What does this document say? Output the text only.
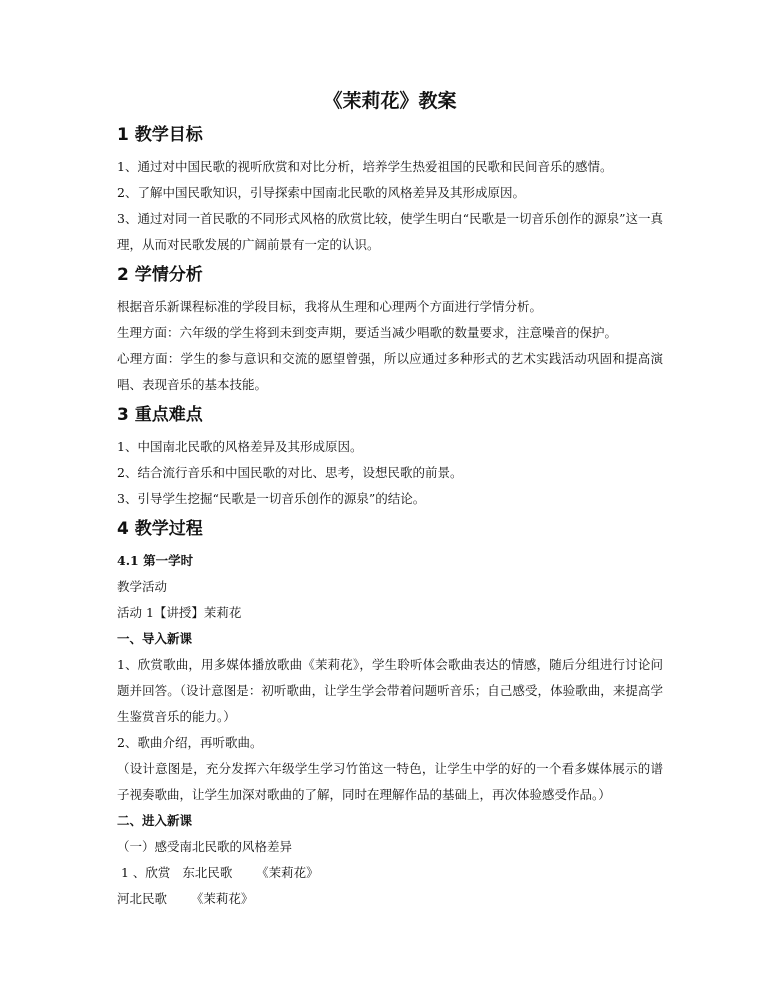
《茉莉花》教案
1 教学目标

1、通过对中国民歌的视听欣赏和对比分析，培养学生热爱祖国的民歌和民间音乐的感情。

2、了解中国民歌知识，引导探索中国南北民歌的风格差异及其形成原因。

3、通过对同一首民歌的不同形式风格的欣赏比较，使学生明白“民歌是一切音乐创作的源泉”这一真理，从而对民歌发展的广阔前景有一定的认识。

2 学情分析

根据音乐新课程标准的学段目标，我将从生理和心理两个方面进行学情分析。

生理方面：六年级的学生将到未到变声期，要适当减少唱歌的数量要求，注意噪音的保护。

心理方面：学生的参与意识和交流的愿望曾强，所以应通过多种形式的艺术实践活动巩固和提高演唱、表现音乐的基本技能。

3 重点难点

1、中国南北民歌的风格差异及其形成原因。

2、结合流行音乐和中国民歌的对比、思考，设想民歌的前景。

3、引导学生挖掘“民歌是一切音乐创作的源泉”的结论。

4 教学过程

4.1 第一学时

教学活动

活动 1【讲授】茉莉花

一、导入新课

1、欣赏歌曲，用多媒体播放歌曲《茉莉花》，学生聆听体会歌曲表达的情感，随后分组进行讨论问题并回答。（设计意图是：初听歌曲，让学生学会带着问题听音乐；自己感受，体验歌曲，来提高学生鉴赏音乐的能力。）

2、歌曲介绍，再听歌曲。

（设计意图是，充分发挥六年级学生学习竹笛这一特色，让学生中学的好的一个看多媒体展示的谱子视奏歌曲，让学生加深对歌曲的了解，同时在理解作品的基础上，再次体验感受作品。）

二、进入新课

（一）感受南北民歌的风格差异

1 、欣赏   东北民歌      《茉莉花》

河北民歌      《茉莉花》
